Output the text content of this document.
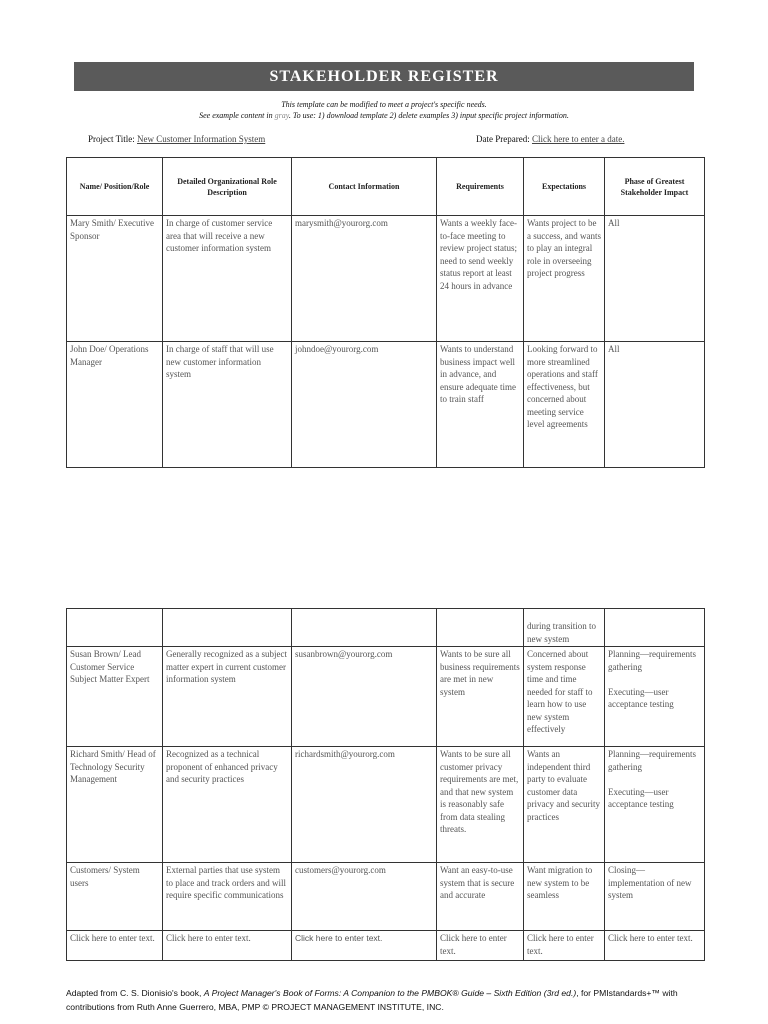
STAKEHOLDER REGISTER
This template can be modified to meet a project's specific needs.
See example content in gray. To use: 1) download template 2) delete examples 3) input specific project information.
Project Title: New Customer Information System	Date Prepared: Click here to enter a date.
Name/ Position/Role	Detailed Organizational Role Description	Contact Information	Requirements	Expectations	Phase of Greatest Stakeholder Impact
Mary Smith/ Executive Sponsor	In charge of customer service area that will receive a new customer information system	marysmith@yourorg.com	Wants a weekly face-to-face meeting to review project status; need to send weekly status report at least 24 hours in advance	Wants project to be a success, and wants to play an integral role in overseeing project progress	All
John Doe/ Operations Manager	In charge of staff that will use new customer information system	johndoe@yourorg.com	Wants to understand business impact well in advance, and ensure adequate time to train staff	Looking forward to more streamlined operations and staff effectiveness, but concerned about meeting service level agreements	All
				during transition to new system	
Susan Brown/ Lead Customer Service Subject Matter Expert	Generally recognized as a subject matter expert in current customer information system	susanbrown@yourorg.com	Wants to be sure all business requirements are met in new system	Concerned about system response time and time needed for staff to learn how to use new system effectively	Planning—requirements gathering

Executing—user acceptance testing
Richard Smith/ Head of Technology Security Management	Recognized as a technical proponent of enhanced privacy and security practices	richardsmith@yourorg.com	Wants to be sure all customer privacy requirements are met, and that new system is reasonably safe from data stealing threats.	Wants an independent third party to evaluate customer data privacy and security practices	Planning—requirements gathering

Executing—user acceptance testing
Customers/ System users	External parties that use system to place and track orders and will require specific communications	customers@yourorg.com	Want an easy-to-use system that is secure and accurate	Want migration to new system to be seamless	Closing—implementation of new system
Click here to enter text.	Click here to enter text.	Click here to enter text.	Click here to enter text.	Click here to enter text.	Click here to enter text.
Adapted from C. S. Dionisio's book, A Project Manager's Book of Forms: A Companion to the PMBOK® Guide – Sixth Edition (3rd ed.), for PMIstandards+™ with contributions from Ruth Anne Guerrero, MBA, PMP © PROJECT MANAGEMENT INSTITUTE, INC.
